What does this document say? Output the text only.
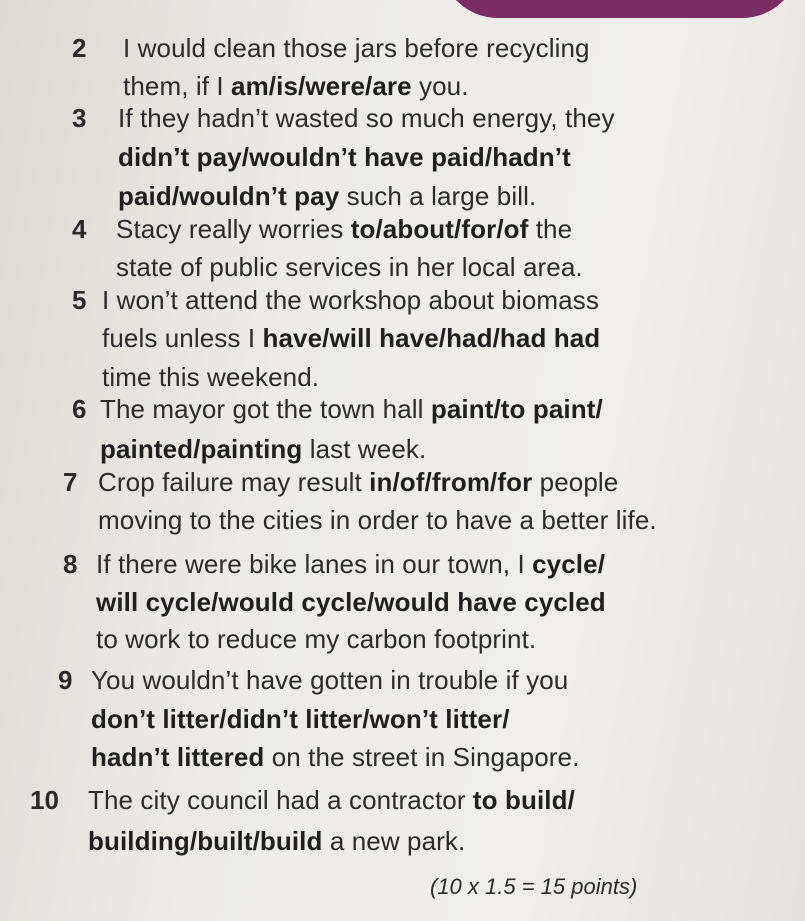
2 I would clean those jars before recycling
them, if I am/is/were/are you.
3 If they hadn’t wasted so much energy, they
didn’t pay/wouldn’t have paid/hadn’t
paid/wouldn’t pay such a large bill.
4 Stacy really worries to/about/for/of the
state of public services in her local area.
5 I won’t attend the workshop about biomass
fuels unless I have/will have/had/had had
time this weekend.
6 The mayor got the town hall paint/to paint/
painted/painting last week.
7 Crop failure may result in/of/from/for people
moving to the cities in order to have a better life.
8 If there were bike lanes in our town, I cycle/
will cycle/would cycle/would have cycled
to work to reduce my carbon footprint.
9 You wouldn’t have gotten in trouble if you
don’t litter/didn’t litter/won’t litter/
hadn’t littered on the street in Singapore.
10 The city council had a contractor to build/
building/built/build a new park.
(10 x 1.5 = 15 points)
